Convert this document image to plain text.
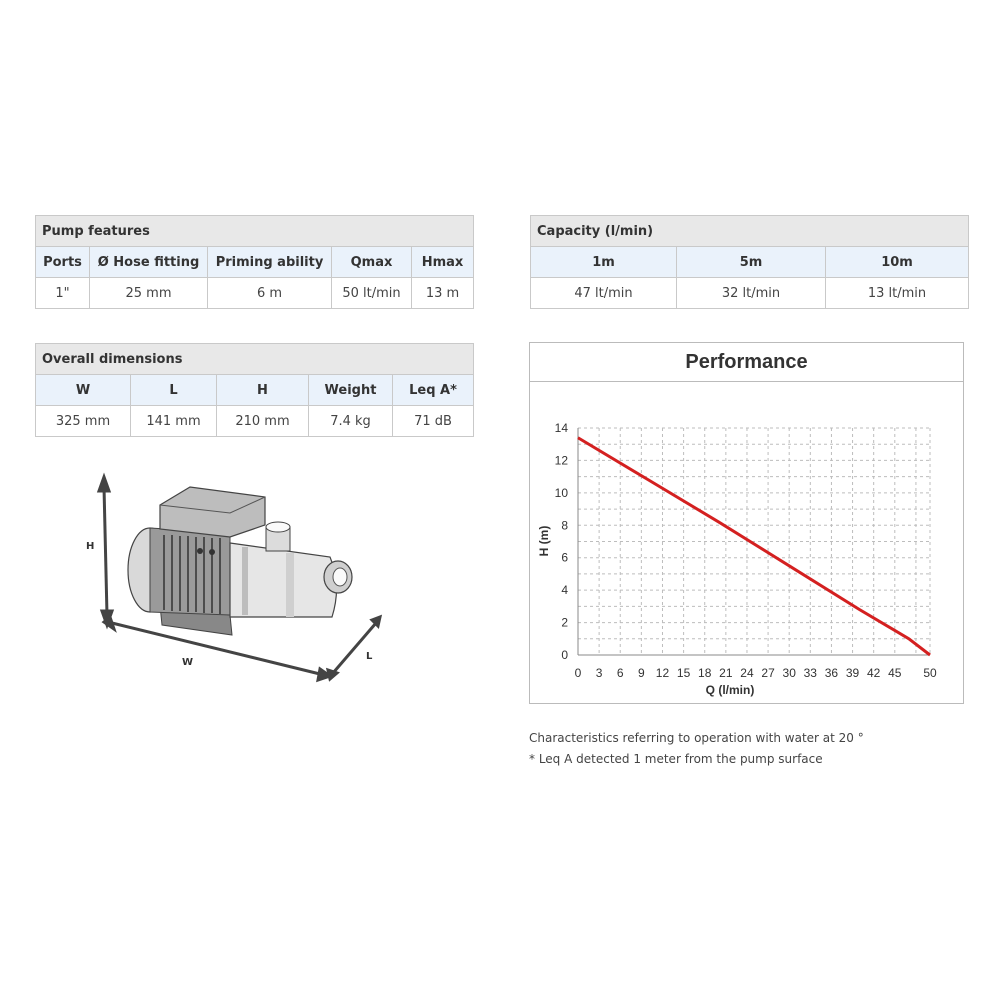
Pump features				
Ports	Ø Hose fitting	Priming ability	Qmax	Hmax
1"	25 mm	6 m	50 lt/min	13 m
Overall dimensions				
W	L	H	Weight	Leq A*
325 mm	141 mm	210 mm	7.4 kg	71 dB
Capacity (l/min)		
1m	5m	10m
47 lt/min	32 lt/min	13 lt/min
H
W
L
Performance
0 3 6 9 12 15 18 21 24 27 30 33 36 39 42 45 50
0
2
4
6
8
10
12
14
Q (l/min)
H (m)
Characteristics referring to operation with water at 20 °
* Leq A detected 1 meter from the pump surface
